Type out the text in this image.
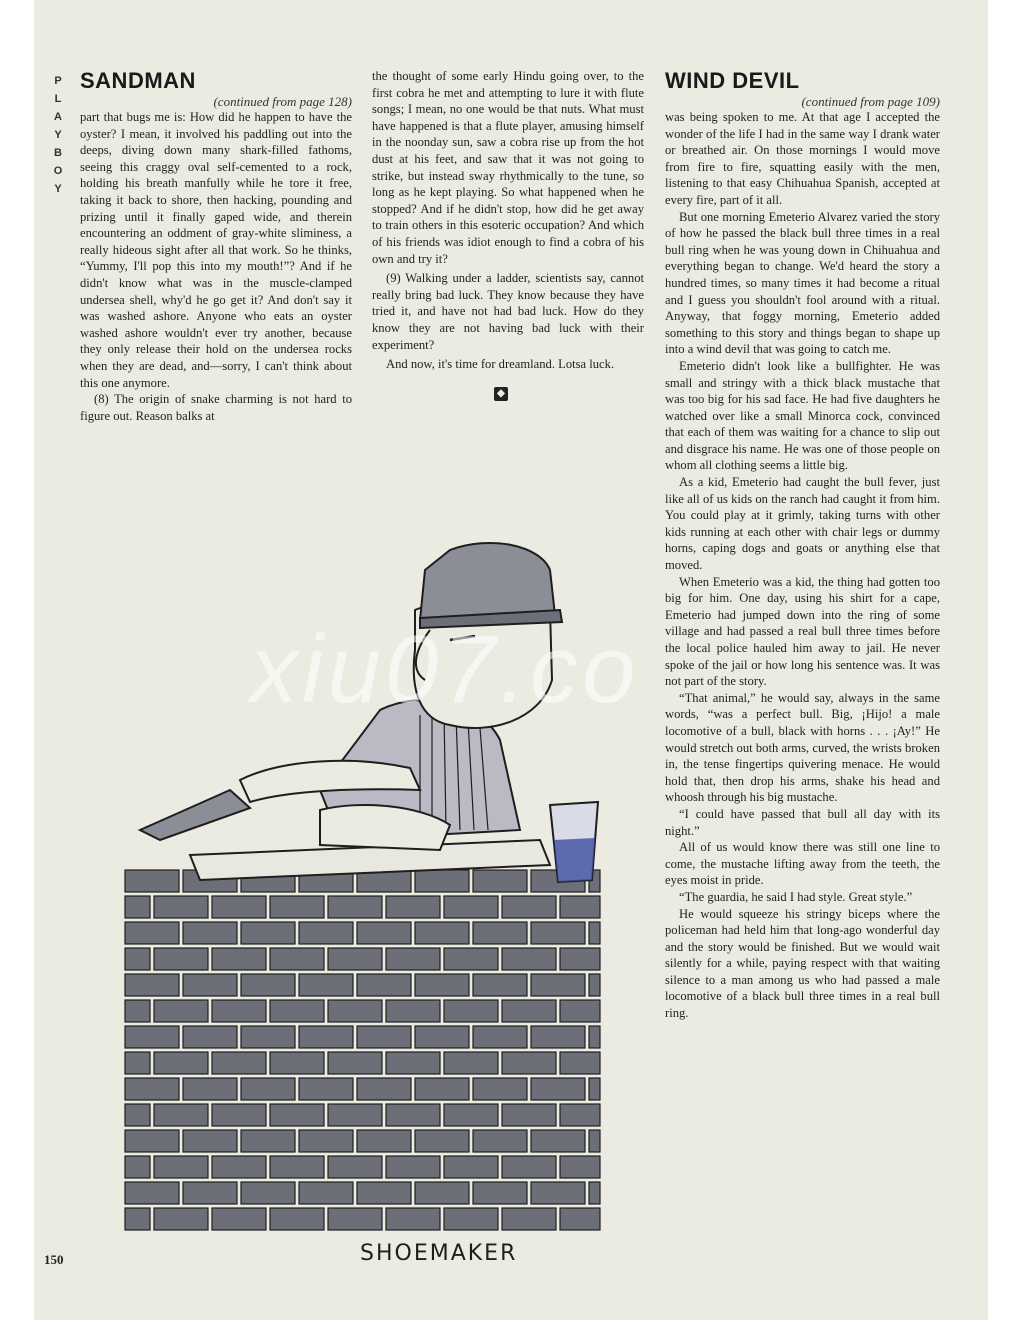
P
L
A
Y
B
O
Y
SANDMAN
(continued from page 128)

part that bugs me is: How did he happen to have the oyster? I mean, it involved his paddling out into the deeps, diving down many shark-filled fathoms, seeing this craggy oval self-cemented to a rock, holding his breath manfully while he tore it free, taking it back to shore, then hacking, pounding and prizing until it finally gaped wide, and therein encountering an oddment of gray-white sliminess, a really hideous sight after all that work. So he thinks, “Yummy, I'll pop this into my mouth!”? And if he didn't know what was in the muscle-clamped undersea shell, why'd he go get it? And don't say it was washed ashore. Anyone who eats an oyster washed ashore wouldn't ever try another, because they only release their hold on the undersea rocks when they are dead, and—sorry, I can't think about this one anymore.

(8) The origin of snake charming is not hard to figure out. Reason balks at

the thought of some early Hindu going over, to the first cobra he met and attempting to lure it with flute songs; I mean, no one would be that nuts. What must have happened is that a flute player, amusing himself in the noonday sun, saw a cobra rise up from the hot dust at his feet, and saw that it was not going to strike, but instead sway rhythmically to the tune, so long as he kept playing. So what happened when he stopped? And if he didn't stop, how did he get away to train others in this esoteric occupation? And which of his friends was idiot enough to find a cobra of his own and try it?

(9) Walking under a ladder, scientists say, cannot really bring bad luck. They know because they have tried it, and have not had bad luck. How do they know they are not having bad luck with their experiment?

And now, it's time for dreamland. Lotsa luck.

◆
WIND DEVIL
(continued from page 109)

was being spoken to me. At that age I accepted the wonder of the life I had in the same way I drank water or breathed air. On those mornings I would move from fire to fire, squatting easily with the men, listening to that easy Chihuahua Spanish, accepted at every fire, part of it all.

But one morning Emeterio Alvarez varied the story of how he passed the black bull three times in a real bull ring when he was young down in Chihuahua and everything began to change. We'd heard the story a hundred times, so many times it had become a ritual and I guess you shouldn't fool around with a ritual. Anyway, that foggy morning, Emeterio added something to this story and things began to shape up into a wind devil that was going to catch me.

Emeterio didn't look like a bullfighter. He was small and stringy with a thick black mustache that was too big for his sad face. He had five daughters he watched over like a small Minorca cock, convinced that each of them was waiting for a chance to slip out and disgrace his name. He was one of those people on whom all clothing seems a little big.

As a kid, Emeterio had caught the bull fever, just like all of us kids on the ranch had caught it from him. You could play at it grimly, taking turns with other kids running at each other with chair legs or dummy horns, caping dogs and goats or anything else that moved.

When Emeterio was a kid, the thing had gotten too big for him. One day, using his shirt for a cape, Emeterio had jumped down into the ring of some village and had passed a real bull three times before the local police hauled him away to jail. He never spoke of the jail or how long his sentence was. It was not part of the story.

“That animal,” he would say, always in the same words, “was a perfect bull. Big, ¡Hijo! a male locomotive of a bull, black with horns . . . ¡Ay!” He would stretch out both arms, curved, the wrists broken in, the tense fingertips quivering menace. He would hold that, then drop his arms, shake his head and whoosh through his big mustache.

“I could have passed that bull all day with its night.”

All of us would know there was still one line to come, the mustache lifting away from the teeth, the eyes moist in pride.

“The guardia, he said I had style. Great style.”

He would squeeze his stringy biceps where the policeman had held him that long-ago wonderful day and the story would be finished. But we would wait silently for a while, paying respect with that waiting silence to a man among us who had passed a male locomotive of a black bull three times in a real bull ring.

SHOEMAKER
xiu07.co
150
